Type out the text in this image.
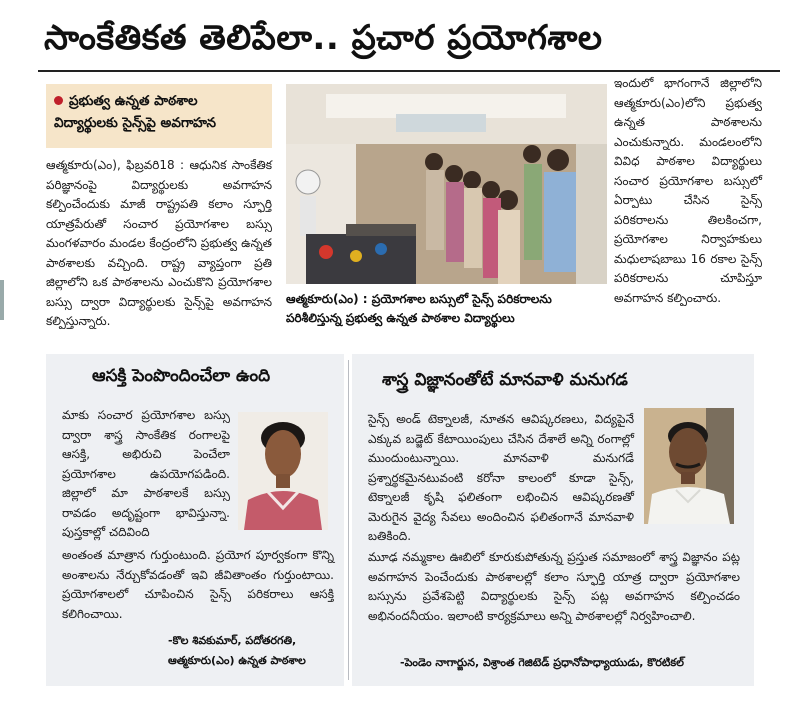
సాంకేతికత తెలిపేలా.. ప్రచార ప్రయోగశాల
ప్రభుత్వ ఉన్నత పాఠశాల విద్యార్థులకు సైన్స్‌పై అవగాహన
ఆత్మకూరు(ఎం), ఫిబ్రవరి18 : ఆధునిక సాంకేతిక పరిజ్ఞానంపై విద్యార్థులకు అవగాహన కల్పించేందుకు మాజీ రాష్ట్రపతి కలాం స్ఫూర్తి యాత్రపేరుతో సంచార ప్రయోగశాల బస్సు మంగళవారం మండల కేంద్రంలోని ప్రభుత్వ ఉన్నత పాఠశాలకు వచ్చింది. రాష్ట్ర వ్యాప్తంగా ప్రతి జిల్లాలోని ఒక పాఠశాలను ఎంచుకొని ప్రయోగశాల బస్సు ద్వారా విద్యార్థులకు సైన్స్‌పై అవగాహన కల్పిస్తున్నారు.
ఆత్మకూరు(ఎం) : ప్రయోగశాల బస్సులో సైన్స్ పరికరాలను పరిశీలిస్తున్న ప్రభుత్వ ఉన్నత పాఠశాల విద్యార్థులు
ఇందులో భాగంగానే జిల్లాలోని ఆత్మకూరు(ఎం)లోని ప్రభుత్వ ఉన్నత పాఠశాలను ఎంచుకున్నారు. మండలంలోని వివిధ పాఠశాల విద్యార్థులు సంచార ప్రయోగశాల బస్సులో ఏర్పాటు చేసిన సైన్స్ పరికరాలను తిలకించగా, ప్రయోగశాల నిర్వాహకులు మధులాషబాబు 16 రకాల సైన్స్ పరికరాలను చూపిస్తూ అవగాహన కల్పించారు.
ఆసక్తి పెంపొందించేలా ఉంది
మాకు సంచార ప్రయోగశాల బస్సు ద్వారా శాస్త్ర సాంకేతిక రంగాలపై ఆసక్తి, అభిరుచి పెంచేలా ప్రయోగశాల ఉపయోగపడింది. జిల్లాలో మా పాఠశాలకే బస్సు రావడం అదృష్టంగా భావిస్తున్నా. పుస్తకాల్లో చదివింది
అంతంత మాత్రాన గుర్తుంటుంది. ప్రయోగ పూర్వకంగా కొన్ని అంశాలను నేర్చుకోవడంతో ఇవి జీవితాంతం గుర్తుంటాయి. ప్రయోగశాలలో చూపించిన సైన్స్ పరికరాలు ఆసక్తి కలిగించాయి.
-కొల శివకుమార్, పదోతరగతి,
ఆత్మకూరు(ఎం) ఉన్నత పాఠశాల
శాస్త్ర విజ్ఞానంతోటే మానవాళి మనుగడ
సైన్స్ అండ్ టెక్నాలజీ, నూతన ఆవిష్కరణలు, విద్యపైనే ఎక్కువ బడ్జెట్ కేటాయింపులు చేసిన దేశాలే అన్ని రంగాల్లో ముందుంటున్నాయి. మానవాళి మనుగడే ప్రశ్నార్థకమైనటువంటి కరోనా కాలంలో కూడా సైన్స్, టెక్నాలజీ కృషి ఫలితంగా లభించిన ఆవిష్కరణతో మెరుగైన వైద్య సేవలు అందించిన ఫలితంగానే మానవాళి బతికింది.
మూఢ నమ్మకాల ఊబిలో కూరుకుపోతున్న ప్రస్తుత సమాజంలో శాస్త్ర విజ్ఞానం పట్ల అవగాహన పెంచేందుకు పాఠశాలల్లో కలాం స్ఫూర్తి యాత్ర ద్వారా ప్రయోగశాల బస్సును ప్రవేశపెట్టి విద్యార్థులకు సైన్స్ పట్ల అవగాహన కల్పించడం అభినందనీయం. ఇలాంటి కార్యక్రమాలు అన్ని పాఠశాలల్లో నిర్వహించాలి.
-పెండెం నాగార్జున, విశ్రాంత గెజిటెడ్ ప్రధానోపాధ్యాయుడు, కొరటికల్
